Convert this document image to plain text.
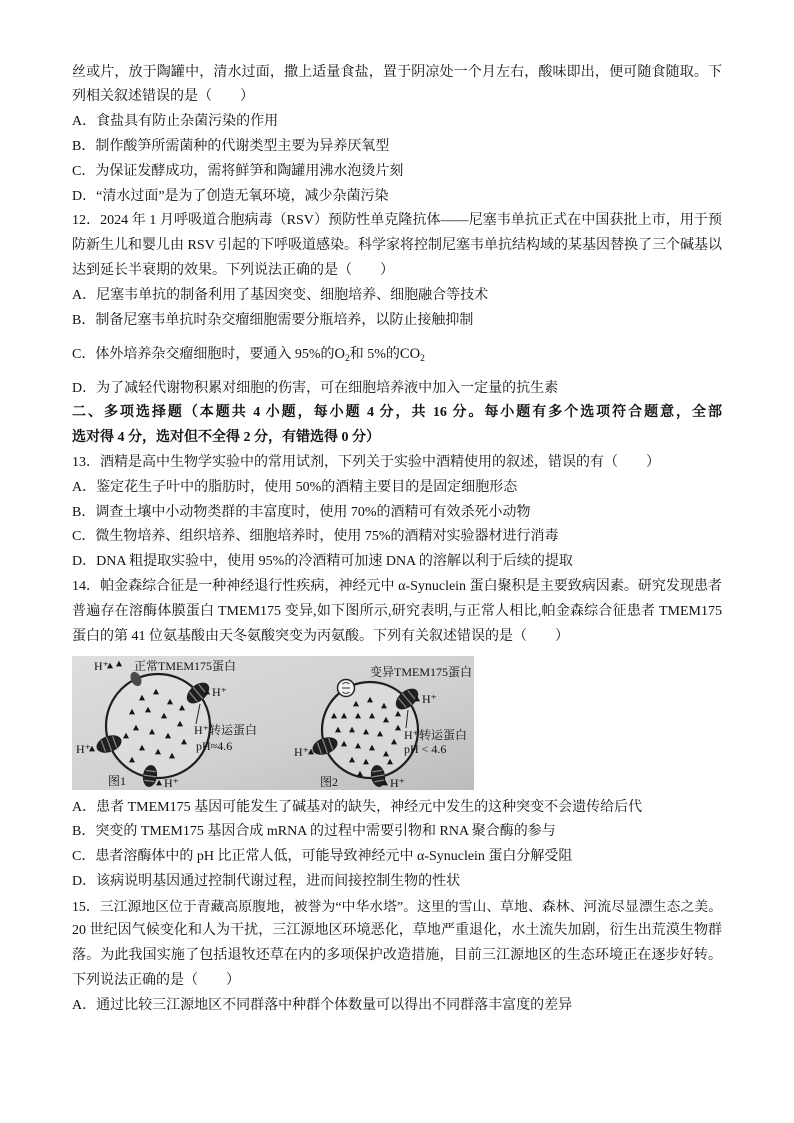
丝或片，放于陶罐中，清水过面，撒上适量食盐，置于阴凉处一个月左右，酸味即出，便可随食随取。下
列相关叙述错误的是（　　）
A．食盐具有防止杂菌污染的作用
B．制作酸笋所需菌种的代谢类型主要为异养厌氧型
C．为保证发酵成功，需将鲜笋和陶罐用沸水泡烫片刻
D．“清水过面”是为了创造无氧环境，减少杂菌污染
12．2024 年 1 月呼吸道合胞病毒（RSV）预防性单克隆抗体——尼塞韦单抗正式在中国获批上市，用于预
防新生儿和婴儿由 RSV 引起的下呼吸道感染。科学家将控制尼塞韦单抗结构域的某基因替换了三个碱基以
达到延长半衰期的效果。下列说法正确的是（　　）
A．尼塞韦单抗的制备利用了基因突变、细胞培养、细胞融合等技术
B．制备尼塞韦单抗时杂交瘤细胞需要分瓶培养，以防止接触抑制
C．体外培养杂交瘤细胞时，要通入 95%的$O_2$和 5%的$CO_2$
D．为了减轻代谢物积累对细胞的伤害，可在细胞培养液中加入一定量的抗生素
二、多项选择题（本题共 4 小题，每小题 4 分，共 16 分。每小题有多个选项符合题意，全部
选对得 4 分，选对但不全得 2 分，有错选得 0 分）
13．酒精是高中生物学实验中的常用试剂，下列关于实验中酒精使用的叙述，错误的有（　　）
A．鉴定花生子叶中的脂肪时，使用 50%的酒精主要目的是固定细胞形态
B．调查土壤中小动物类群的丰富度时，使用 70%的酒精可有效杀死小动物
C．微生物培养、组织培养、细胞培养时，使用 75%的酒精对实验器材进行消毒
D．DNA 粗提取实验中，使用 95%的冷酒精可加速 DNA 的溶解以利于后续的提取
14．帕金森综合征是一种神经退行性疾病，神经元中 α-Synuclein 蛋白聚积是主要致病因素。研究发现患者
普遍存在溶酶体膜蛋白 TMEM175 变异,如下图所示,研究表明,与正常人相比,帕金森综合征患者 TMEM175
蛋白的第 41 位氨基酸由天冬氨酸突变为丙氨酸。下列有关叙述错误的是（　　）
H⁺ 正常TMEM175蛋白
H⁺
H⁺转运蛋白
pH≈4.6
H⁺
图1	H⁺
变异TMEM175蛋白
H⁺
H⁺转运蛋白
pH < 4.6
H⁺
图2	H⁺
A．患者 TMEM175 基因可能发生了碱基对的缺失，神经元中发生的这种突变不会遗传给后代
B．突变的 TMEM175 基因合成 mRNA 的过程中需要引物和 RNA 聚合酶的参与
C．患者溶酶体中的 pH 比正常人低，可能导致神经元中 α-Synuclein 蛋白分解受阻
D．该病说明基因通过控制代谢过程，进而间接控制生物的性状
15．三江源地区位于青藏高原腹地，被誉为“中华水塔”。这里的雪山、草地、森林、河流尽显漂生态之美。
20 世纪因气候变化和人为干扰，三江源地区环境恶化，草地严重退化，水土流失加剧，衍生出荒漠生物群
落。为此我国实施了包括退牧还草在内的多项保护改造措施，目前三江源地区的生态环境正在逐步好转。
下列说法正确的是（　　）
A．通过比较三江源地区不同群落中种群个体数量可以得出不同群落丰富度的差异
